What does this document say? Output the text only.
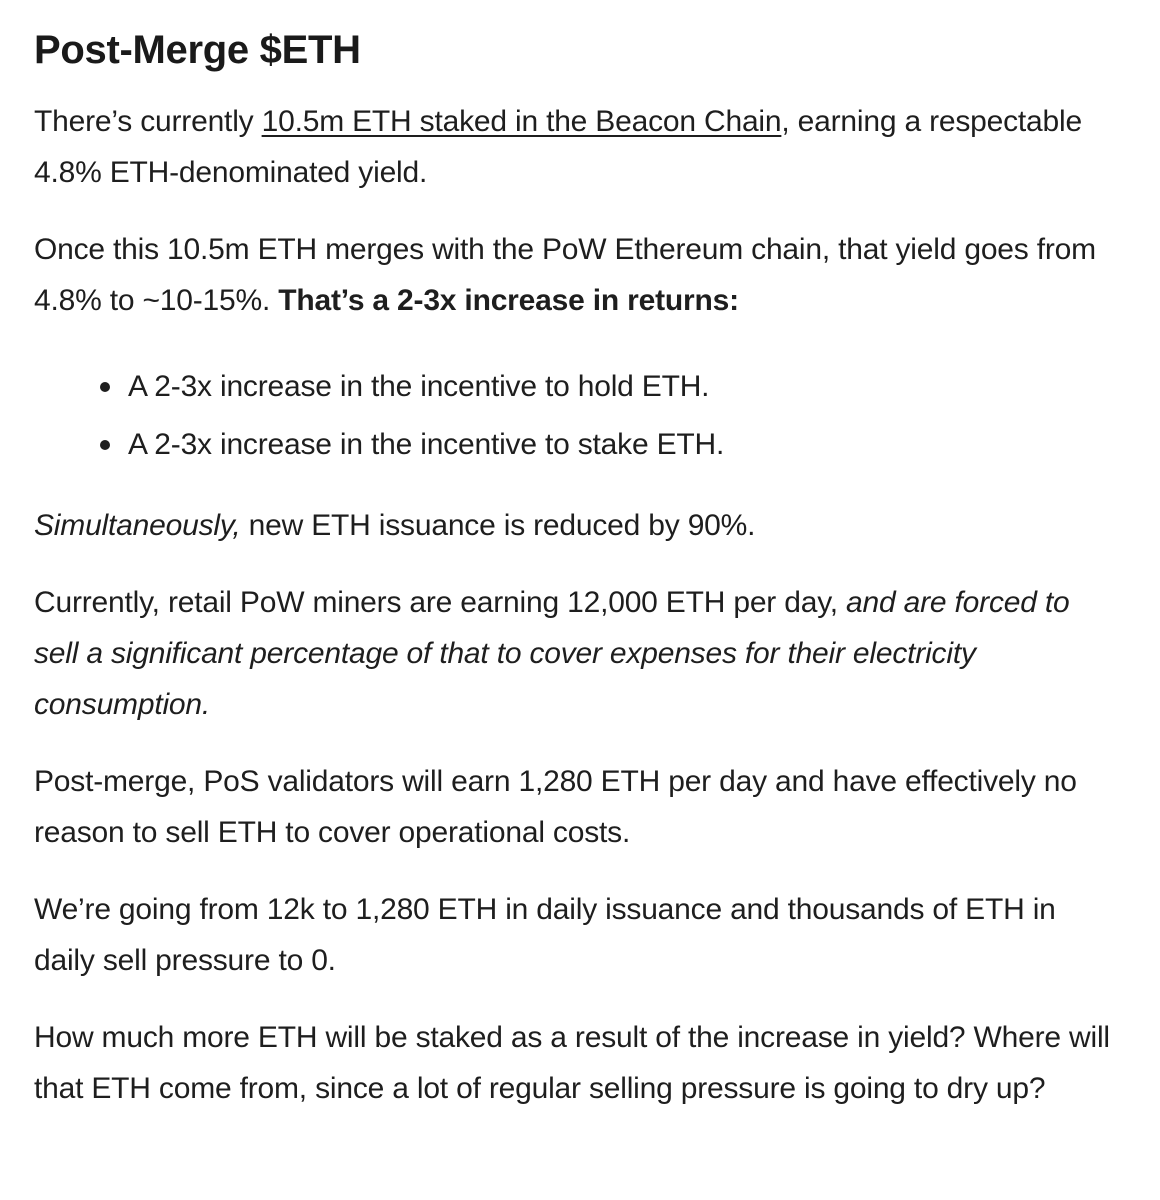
Post-Merge $ETH

There’s currently 10.5m ETH staked in the Beacon Chain, earning a respectable 4.8% ETH-denominated yield.

Once this 10.5m ETH merges with the PoW Ethereum chain, that yield goes from 4.8% to ~10-15%. That’s a 2-3x increase in returns:

A 2-3x increase in the incentive to hold ETH.
A 2-3x increase in the incentive to stake ETH.

Simultaneously, new ETH issuance is reduced by 90%.

Currently, retail PoW miners are earning 12,000 ETH per day, and are forced to sell a significant percentage of that to cover expenses for their electricity consumption.

Post-merge, PoS validators will earn 1,280 ETH per day and have effectively no reason to sell ETH to cover operational costs.

We’re going from 12k to 1,280 ETH in daily issuance and thousands of ETH in daily sell pressure to 0.

How much more ETH will be staked as a result of the increase in yield? Where will that ETH come from, since a lot of regular selling pressure is going to dry up?
